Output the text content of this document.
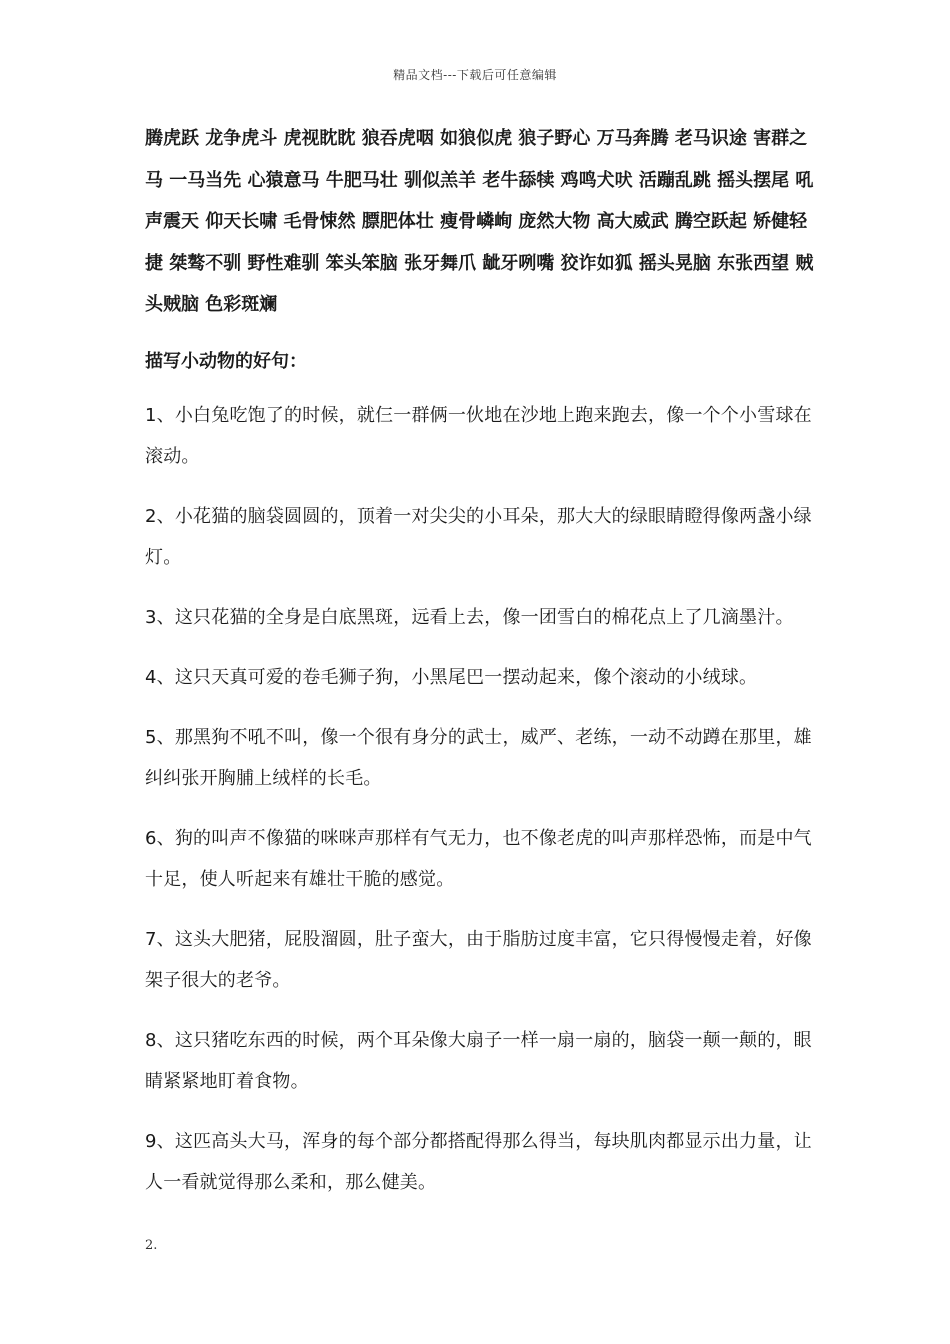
精品文档---下载后可任意编辑

腾虎跃 龙争虎斗 虎视眈眈 狼吞虎咽 如狼似虎 狼子野心 万马奔腾 老马识途 害群之马 一马当先 心猿意马 牛肥马壮 驯似羔羊 老牛舔犊 鸡鸣犬吠 活蹦乱跳 摇头摆尾 吼声震天 仰天长啸 毛骨悚然 膘肥体壮 瘦骨嶙峋 庞然大物 高大威武 腾空跃起 矫健轻捷 桀骜不驯 野性难驯 笨头笨脑 张牙舞爪 龇牙咧嘴 狡诈如狐 摇头晃脑 东张西望 贼头贼脑 色彩斑斓

描写小动物的好句：

1、小白兔吃饱了的时候，就仨一群俩一伙地在沙地上跑来跑去，像一个个小雪球在滚动。

2、小花猫的脑袋圆圆的，顶着一对尖尖的小耳朵，那大大的绿眼睛瞪得像两盏小绿灯。

3、这只花猫的全身是白底黑斑，远看上去，像一团雪白的棉花点上了几滴墨汁。

4、这只天真可爱的卷毛狮子狗，小黑尾巴一摆动起来，像个滚动的小绒球。

5、那黑狗不吼不叫，像一个很有身分的武士，威严、老练，一动不动蹲在那里，雄纠纠张开胸脯上绒样的长毛。

6、狗的叫声不像猫的咪咪声那样有气无力，也不像老虎的叫声那样恐怖，而是中气十足，使人听起来有雄壮干脆的感觉。

7、这头大肥猪，屁股溜圆，肚子蛮大，由于脂肪过度丰富，它只得慢慢走着，好像架子很大的老爷。

8、这只猪吃东西的时候，两个耳朵像大扇子一样一扇一扇的，脑袋一颠一颠的，眼睛紧紧地盯着食物。

9、这匹高头大马，浑身的每个部分都搭配得那么得当，每块肌肉都显示出力量，让人一看就觉得那么柔和，那么健美。

2.
